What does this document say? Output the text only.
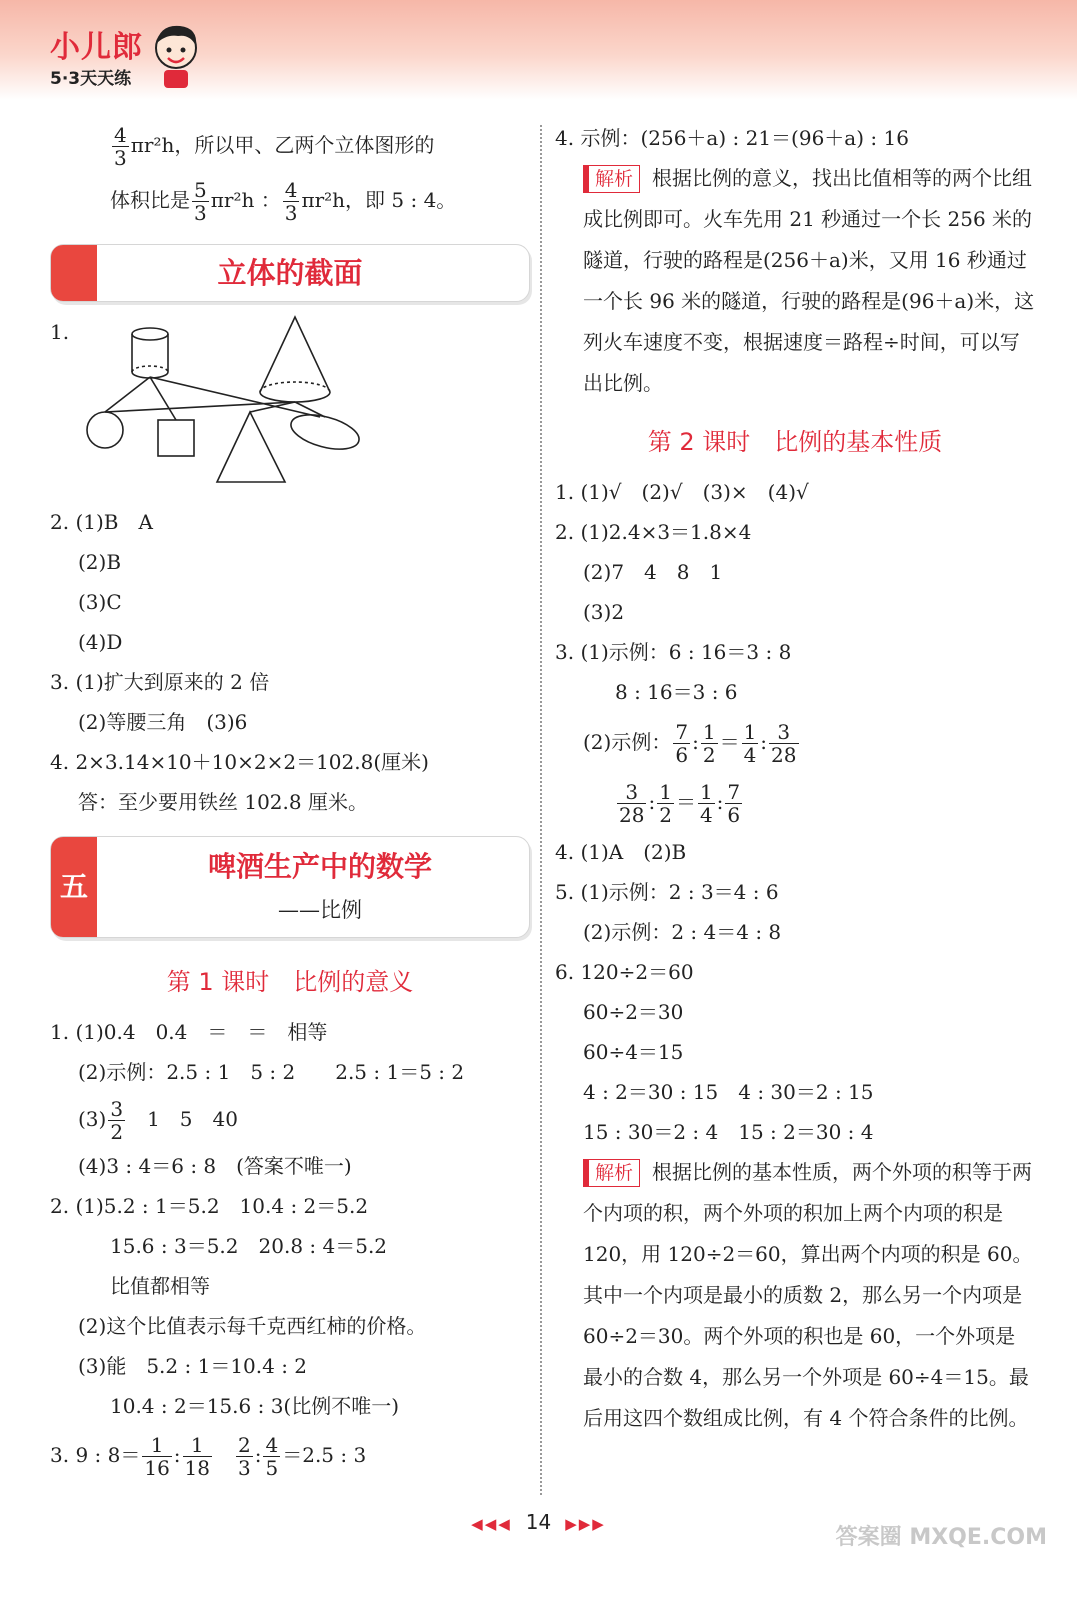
小儿郎
5·3天天练
$\frac{4}{3} \pi r^2h$，所以甲、乙两个立体图形的
体积比是 $\frac{5}{3} \pi r^2h$ ： $\frac{4}{3} \pi r^2h$，即 5 : 4。
立体的截面
1.
2. (1)B　A
(2)B
(3)C
(4)D
3. (1)扩大到原来的 2 倍
(2)等腰三角　(3)6
4. 2×3.14×10＋10×2×2＝102.8(厘米)
答：至少要用铁丝 102.8 厘米。
五
啤酒生产中的数学
——比例
第 1 课时　比例的意义
1. (1)0.4　0.4　＝　＝　相等
(2)示例：2.5 : 1　5 : 2　　2.5 : 1＝5 : 2
$(3) \frac{3}{2}$ 　1　5　40
(4)3 : 4＝6 : 8　(答案不唯一)
2. (1)5.2 : 1＝5.2　10.4 : 2＝5.2
15.6 : 3＝5.2　20.8 : 4＝5.2
比值都相等
(2)这个比值表示每千克西红柿的价格。
(3)能　5.2 : 1＝10.4 : 2
10.4 : 2＝15.6 : 3(比例不唯一)
3. 9 : $8= \frac{1}{16}$ : $\frac{1}{18}$
　 $\frac{2}{3}$ : $\frac{4}{5} =2.5$ : 3
4. 示例：(256＋a) : 21＝(96＋a) : 16
解析 根据比例的意义，找出比值相等的两个比组成比例即可。火车先用 21 秒通过一个长 256 米的隧道，行驶的路程是(256＋a)米，又用 16 秒通过一个长 96 米的隧道，行驶的路程是(96＋a)米，这列火车速度不变，根据速度＝路程÷时间，可以写出比例。
第 2 课时　比例的基本性质
1. (1)√　(2)√　(3)×　(4)√
2. (1)2.4×3＝1.8×4
(2)7　4　8　1
(3)2
3. (1)示例：6 : 16＝3 : 8
8 : 16＝3 : 6
(2)示例： $\frac{7}{6}$ : $\frac{1}{2} = \frac{1}{4}$ : $\frac{3}{28}$
$\frac{3}{28}$ : $\frac{1}{2} = \frac{1}{4}$ : $\frac{7}{6}$
4. (1)A　(2)B
5. (1)示例：2 : 3＝4 : 6
(2)示例：2 : 4＝4 : 8
6. 120÷2＝60
60÷2＝30
60÷4＝15
4 : 2＝30 : 15　4 : 30＝2 : 15
15 : 30＝2 : 4　15 : 2＝30 : 4
解析 根据比例的基本性质，两个外项的积等于两个内项的积，两个外项的积加上两个内项的积是 120，用 120÷2＝60，算出两个内项的积是 60。其中一个内项是最小的质数 2，那么另一个内项是 60÷2＝30。两个外项的积也是 60，一个外项是最小的合数 4，那么另一个外项是 60÷4＝15。最后用这四个数组成比例，有 4 个符合条件的比例。
◀◀◀ 14 ▶▶▶
答案圈 MXQE.COM
